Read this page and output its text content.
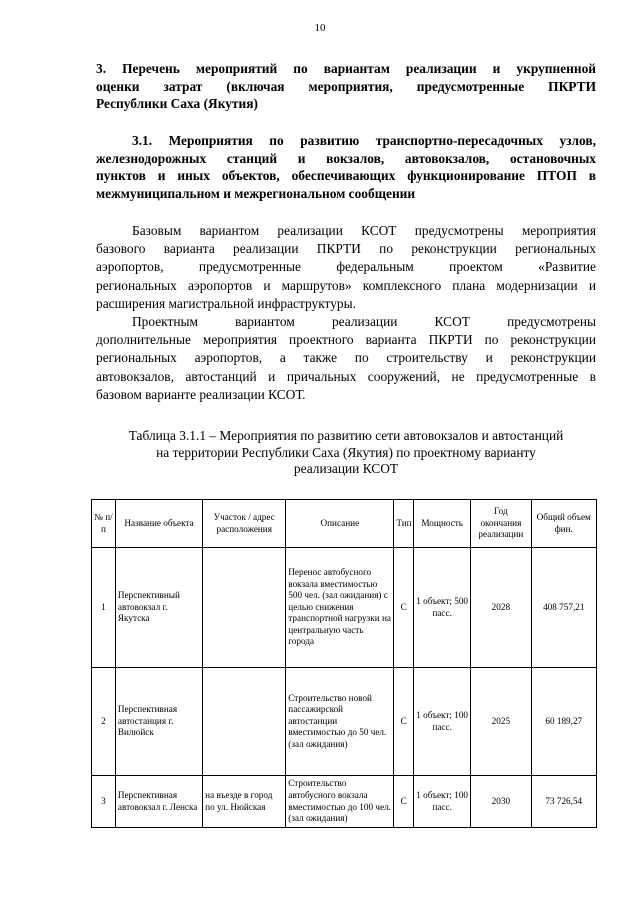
10
3. Перечень мероприятий по вариантам реализации и укрупненной
оценки затрат (включая мероприятия, предусмотренные ПКРТИ
Республики Саха (Якутия)
3.1. Мероприятия по развитию транспортно-пересадочных узлов,
железнодорожных станций и вокзалов, автовокзалов, остановочных
пунктов и иных объектов, обеспечивающих функционирование ПТОП в
межмуниципальном и межрегиональном сообщении
Базовым вариантом реализации КСОТ предусмотрены мероприятия
базового варианта реализации ПКРТИ по реконструкции региональных
аэропортов, предусмотренные федеральным проектом «Развитие
региональных аэропортов и маршрутов» комплексного плана модернизации и
расширения магистральной инфраструктуры.
Проектным вариантом реализации КСОТ предусмотрены
дополнительные мероприятия проектного варианта ПКРТИ по реконструкции
региональных аэропортов, а также по строительству и реконструкции
автовокзалов, автостанций и причальных сооружений, не предусмотренные в
базовом варианте реализации КСОТ.
Таблица 3.1.1 – Мероприятия по развитию сети автовокзалов и автостанций
на территории Республики Саха (Якутия) по проектному варианту
реализации КСОТ
№ п/п	Название объекта	Участок / адрес расположения	Описание	Тип	Мощность	Год окончания реализации	Общий объем фин.
1	Перспективный автовокзал г. Якутска		Перенос автобусного вокзала вместимостью 500 чел. (зал ожидания) с целью снижения транспортной нагрузки на центральную часть города	С	1 объект; 500 пасс.	2028	408 757,21
2	Перспективная автостанция г. Вилюйск		Строительство новой пассажирской автостанции вместимостью до 50 чел. (зал ожидания)	С	1 объект; 100 пасс.	2025	60 189,27
3	Перспективная автовокзал г. Ленска	на въезде в город по ул. Нюйская	Строительство автобусного вокзала вместимостью до 100 чел. (зал ожидания)	С	1 объект; 100 пасс.	2030	73 726,54
